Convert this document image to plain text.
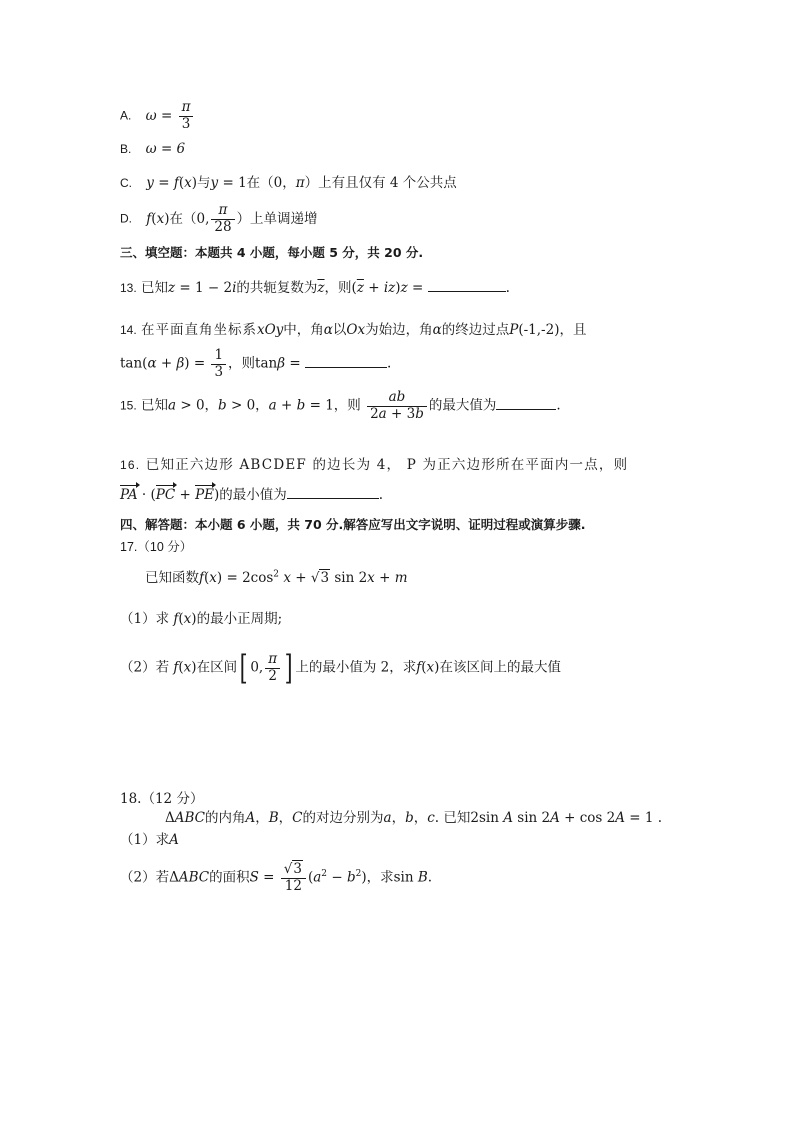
A. $\omega = \frac{\pi}{3}$
B. ω = 6
C. y = f(x)与y = 1在（0，π）上有且仅有 4 个公共点
D. f(x)在（0, $\frac{\pi}{28}$ ）上单调递增
三、填空题：本题共 4 小题，每小题 5 分，共 20 分.
13. 已知z = 1 − 2i的共轭复数为$\overline{z}$，则$(\overline{z} + iz)z$ =	.
14. 在平面直角坐标系xOy中，角α以Ox为始边，角α的终边过点P(-1,-2)，且
$\tan(\alpha + \beta) = \frac{1}{3}$ ，则tanβ =	.
15. 已知a > 0，b > 0，a + b = 1，则 $\frac{ab}{2a + 3b}$ 的最大值为	.
16. 已知正六边形 ABCDEF 的边长为 4， P 为正六边形所在平面内一点，则
PA · (PC + PE)的最小值为	.
四、解答题：本小题 6 小题，共 70 分.解答应写出文字说明、证明过程或演算步骤.
17.（10 分）
已知函数$f(x) = 2\cos^2$ x + √3 sin 2x + m
（1）求 f(x)的最小正周期;
（2）若 f(x)在区间[ 0, $\frac{\pi}{2}$ ] 上的最小值为 2，求f(x)在该区间上的最大值
18.（12 分）
ΔABC的内角A，B，C的对边分别为a，b，c. 已知2sin A sin 2A + cos 2A = 1 .
（1）求A
（2）若ΔABC的面积$S = \frac{√3}{12} (a^2 - b^2)$，求sin B.
